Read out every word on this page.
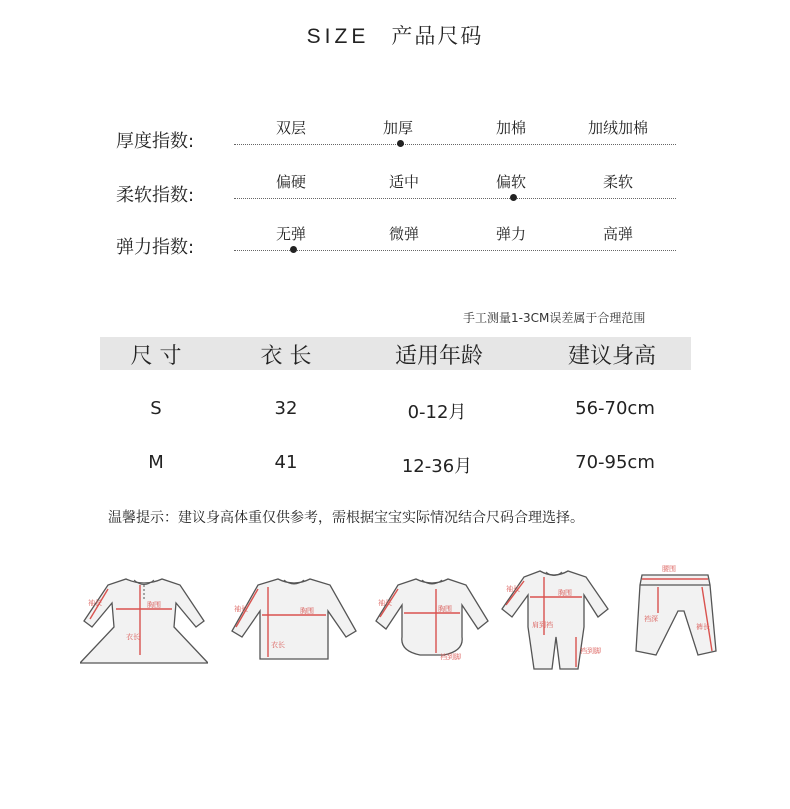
SIZE 产品尺码
厚度指数:
双层	加厚	加棉	加绒加棉
柔软指数:
偏硬	适中	偏软	柔软
弹力指数:
无弹	微弹	弹力	高弹
手工测量1-3CM误差属于合理范围
尺 寸	衣 长	适用年龄	建议身高
S	32	0-12月	56-70cm
M	41	12-36月	70-95cm
温馨提示：建议身高体重仅供参考，需根据宝宝实际情况结合尺码合理选择。
袖长	胸围
衣长
袖长	胸围
衣长
袖长
胸围
裆到脚
袖长	胸围
肩到裆
裆到脚
腰围
裆深
裤长
